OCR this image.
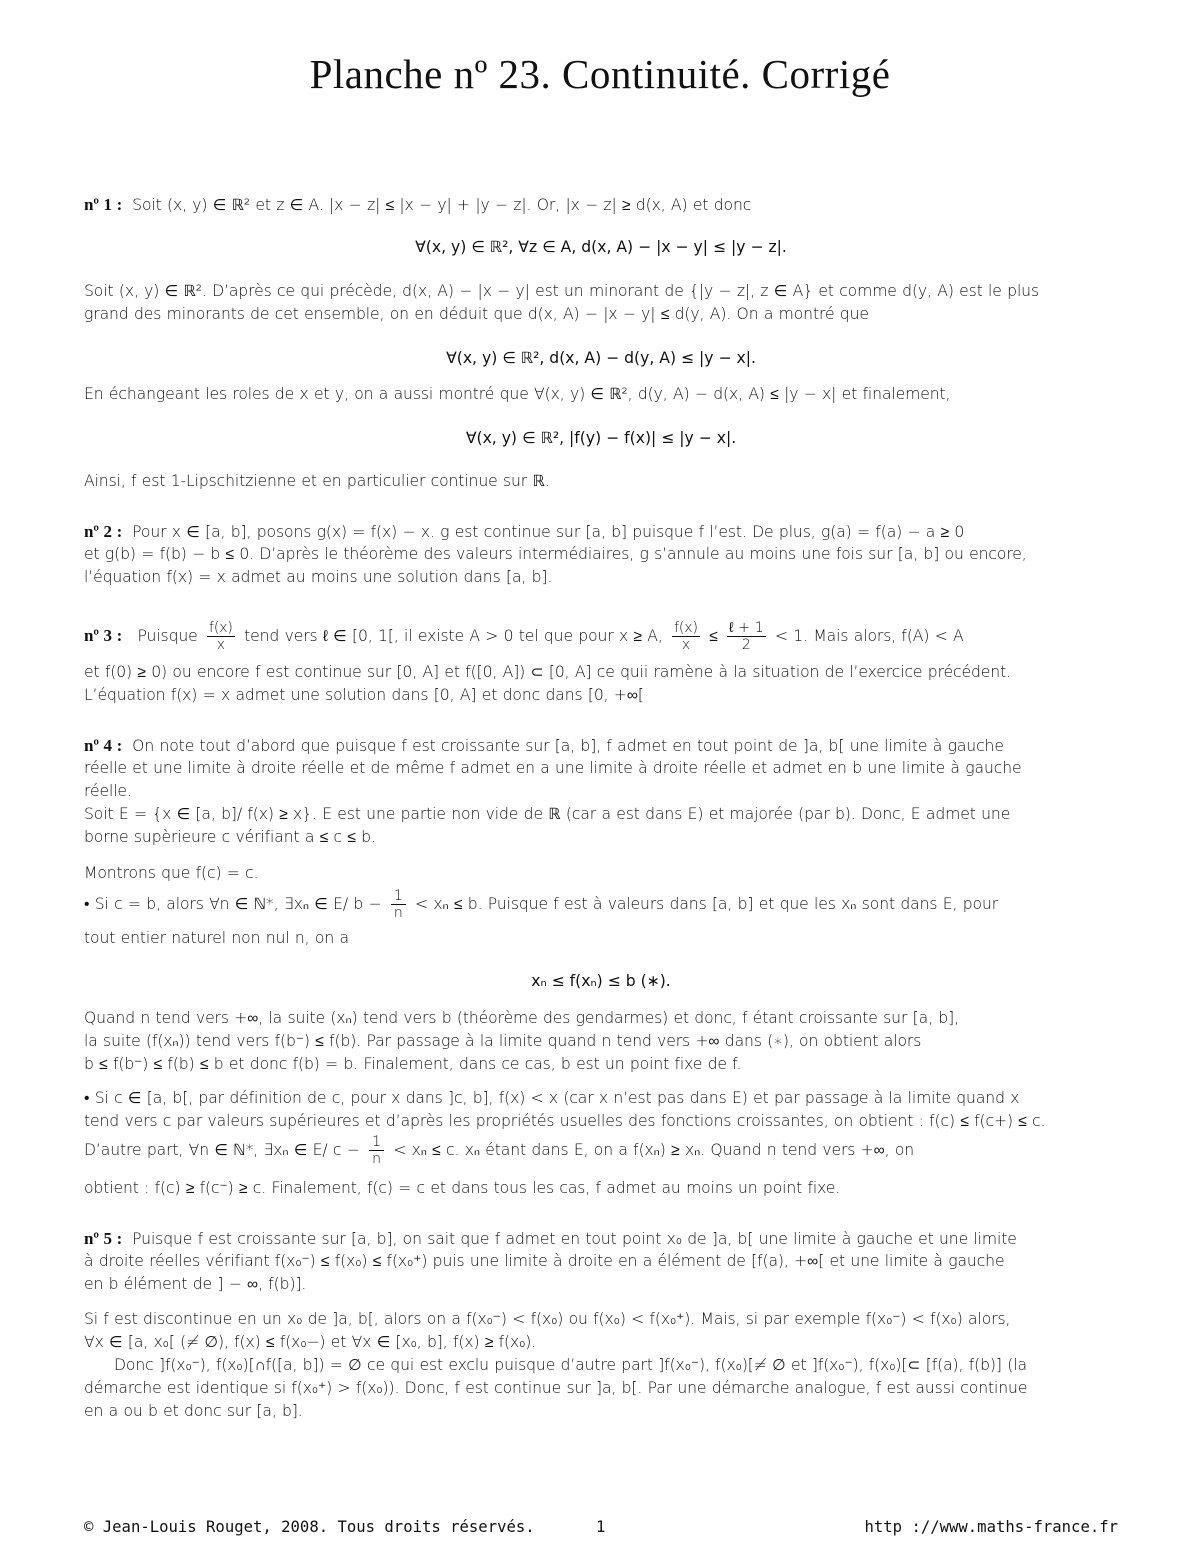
Planche nº 23. Continuité. Corrigé
nº 1 : Soit (x, y) ∈ ℝ² et z ∈ A. |x − z| ≤ |x − y| + |y − z|. Or, |x − z| ≥ d(x, A) et donc
∀(x, y) ∈ ℝ², ∀z ∈ A, d(x, A) − |x − y| ≤ |y − z|.
Soit (x, y) ∈ ℝ². D’après ce qui précède, d(x, A) − |x − y| est un minorant de {|y − z|, z ∈ A} et comme d(y, A) est le plus
grand des minorants de cet ensemble, on en déduit que d(x, A) − |x − y| ≤ d(y, A). On a montré que
∀(x, y) ∈ ℝ², d(x, A) − d(y, A) ≤ |y − x|.
En échangeant les roles de x et y, on a aussi montré que ∀(x, y) ∈ ℝ², d(y, A) − d(x, A) ≤ |y − x| et finalement,
∀(x, y) ∈ ℝ², |f(y) − f(x)| ≤ |y − x|.
Ainsi, f est 1-Lipschitzienne et en particulier continue sur ℝ.
nº 2 : Pour x ∈ [a, b], posons g(x) = f(x) − x. g est continue sur [a, b] puisque f l’est. De plus, g(a) = f(a) − a ≥ 0
et g(b) = f(b) − b ≤ 0. D’après le théorème des valeurs intermédiaires, g s’annule au moins une fois sur [a, b] ou encore,
l’équation f(x) = x admet au moins une solution dans [a, b].
nº 3 : Puisque $\frac{f(x)}{x}$ tend vers ℓ ∈ [0, 1[, il existe A > 0 tel que pour x ≥ A, $\frac{f(x)}{x}$ ≤ ℓ + 1
2	< 1. Mais alors, f(A) < A
et f(0) ≥ 0) ou encore f est continue sur [0, A] et f([0, A]) ⊂ [0, A] ce quii ramène à la situation de l’exercice précédent.
L’équation f(x) = x admet une solution dans [0, A] et donc dans [0, +∞[
nº 4 : On note tout d’abord que puisque f est croissante sur [a, b], f admet en tout point de ]a, b[ une limite à gauche
réelle et une limite à droite réelle et de même f admet en a une limite à droite réelle et admet en b une limite à gauche
réelle.
Soit E = {x ∈ [a, b]/ f(x) ≥ x}. E est une partie non vide de ℝ (car a est dans E) et majorée (par b). Donc, E admet une
borne supèrieure c vérifiant a ≤ c ≤ b.
Montrons que f(c) = c.
• Si c = b, alors ∀n ∈ ℕ*, ∃xₙ ∈ E/ $b - \frac{1}{n} < x_n \le b$. Puisque f est à valeurs dans [a, b] et que les xₙ sont dans E, pour
tout entier naturel non nul n, on a
xₙ ≤ f(xₙ) ≤ b (∗).
Quand n tend vers +∞, la suite (xₙ) tend vers b (théorème des gendarmes) et donc, f étant croissante sur [a, b],
la suite (f(xₙ)) tend vers f(b⁻) ≤ f(b). Par passage à la limite quand n tend vers +∞ dans (∗), on obtient alors
b ≤ f(b⁻) ≤ f(b) ≤ b et donc f(b) = b. Finalement, dans ce cas, b est un point fixe de f.
• Si c ∈ [a, b[, par définition de c, pour x dans ]c, b], f(x) < x (car x n’est pas dans E) et par passage à la limite quand x
tend vers c par valeurs supérieures et d’après les propriétés usuelles des fonctions croissantes, on obtient : f(c) ≤ f(c+) ≤ c.
D’autre part, ∀n ∈ ℕ*, ∃xₙ ∈ E/ $c - \frac{1}{n} < x_n \le c$. xₙ étant dans E, on a f(xₙ) ≥ xₙ. Quand n tend vers +∞, on
obtient : f(c) ≥ f(c⁻) ≥ c. Finalement, f(c) = c et dans tous les cas, f admet au moins un point fixe.
nº 5 : Puisque f est croissante sur [a, b], on sait que f admet en tout point x₀ de ]a, b[ une limite à gauche et une limite
à droite réelles vérifiant f(x₀⁻) ≤ f(x₀) ≤ f(x₀⁺) puis une limite à droite en a élément de [f(a), +∞[ et une limite à gauche
en b élément de ] − ∞, f(b)].
Si f est discontinue en un x₀ de ]a, b[, alors on a f(x₀⁻) < f(x₀) ou f(x₀) < f(x₀⁺). Mais, si par exemple f(x₀⁻) < f(x₀) alors,
∀x ∈ [a, x₀[ (≠ ∅), f(x) ≤ f(x₀−) et ∀x ∈ [x₀, b], f(x) ≥ f(x₀).
Donc ]f(x₀⁻), f(x₀)[∩f([a, b]) = ∅ ce qui est exclu puisque d’autre part ]f(x₀⁻), f(x₀)[≠ ∅ et ]f(x₀⁻), f(x₀)[⊂ [f(a), f(b)] (la
démarche est identique si f(x₀⁺) > f(x₀)). Donc, f est continue sur ]a, b[. Par une démarche analogue, f est aussi continue
en a ou b et donc sur [a, b].
© Jean-Louis Rouget, 2008. Tous droits réservés.	1	http ://www.maths-france.fr
